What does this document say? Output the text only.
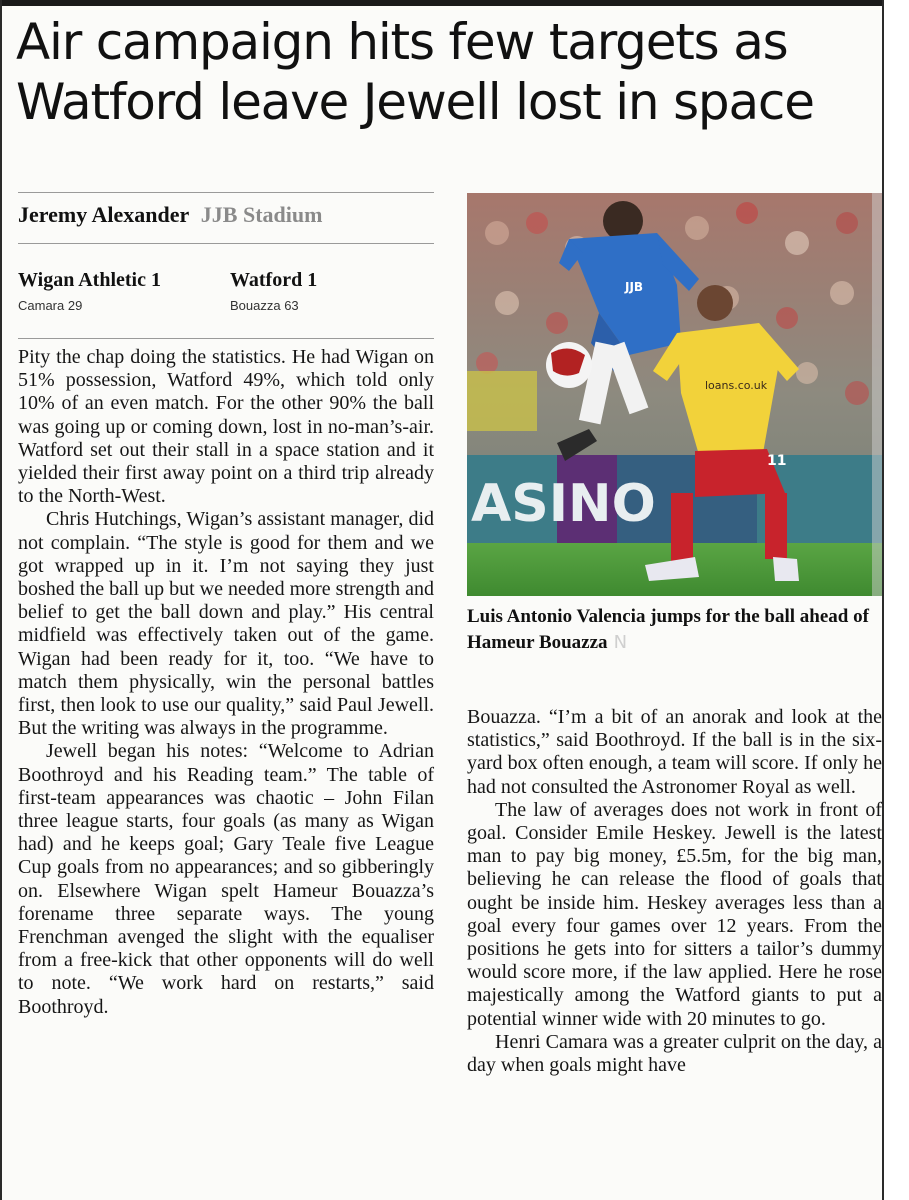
Air campaign hits few targets as Watford leave Jewell lost in space
Jeremy Alexander JJB Stadium
Wigan Athletic 1
Camara 29
Watford 1
Bouazza 63

Pity the chap doing the statistics. He had Wigan on 51% possession, Watford 49%, which told only 10% of an even match. For the other 90% the ball was going up or coming down, lost in no-man’s-air. Watford set out their stall in a space station and it yielded their first away point on a third trip already to the North-West.

Chris Hutchings, Wigan’s assistant manager, did not complain. “The style is good for them and we got wrapped up in it. I’m not saying they just boshed the ball up but we needed more strength and belief to get the ball down and play.” His central midfield was effectively taken out of the game. Wigan had been ready for it, too. “We have to match them physically, win the personal battles first, then look to use our quality,” said Paul Jewell. But the writing was always in the programme.

Jewell began his notes: “Welcome to Adrian Boothroyd and his Reading team.” The table of first-team appearances was chaotic – John Filan three league starts, four goals (as many as Wigan had) and he keeps goal; Gary Teale five League Cup goals from no appearances; and so gibberingly on. Elsewhere Wigan spelt Hameur Bouazza’s forename three separate ways. The young Frenchman avenged the slight with the equaliser from a free-kick that other opponents will do well to note. “We work hard on restarts,” said Boothroyd.

ASINO
JJB
loans.co.uk
11
Luis Antonio Valencia jumps for the ball ahead of Hameur Bouazza N

Bouazza. “I’m a bit of an anorak and look at the statistics,” said Boothroyd. If the ball is in the six-yard box often enough, a team will score. If only he had not consulted the Astronomer Royal as well.

The law of averages does not work in front of goal. Consider Emile Heskey. Jewell is the latest man to pay big money, £5.5m, for the big man, believing he can release the flood of goals that ought be inside him. Heskey averages less than a goal every four games over 12 years. From the positions he gets into for sitters a tailor’s dummy would score more, if the law applied. Here he rose majestically among the Watford giants to put a potential winner wide with 20 minutes to go.

Henri Camara was a greater culprit on the day, a day when goals might have
